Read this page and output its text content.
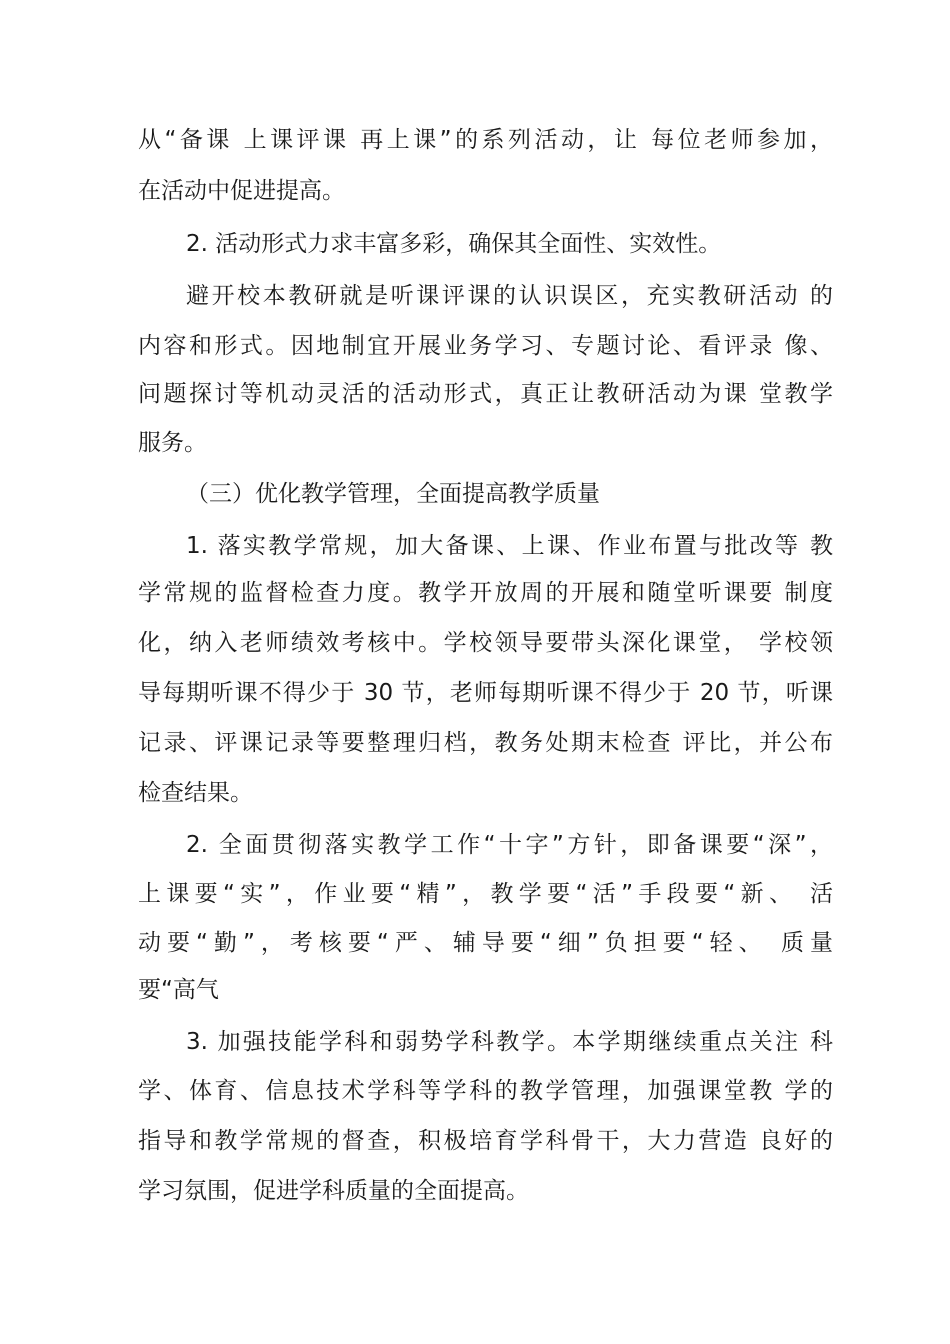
从“备课 上课评课 再上课”的系列活动，让 每位老师参加，
在活动中促进提高。
2. 活动形式力求丰富多彩，确保其全面性、实效性。
避开校本教研就是听课评课的认识误区，充实教研活动 的
内容和形式。因地制宜开展业务学习、专题讨论、看评录 像、
问题探讨等机动灵活的活动形式，真正让教研活动为课 堂教学
服务。
（三）优化教学管理，全面提高教学质量
1. 落实教学常规，加大备课、上课、作业布置与批改等 教
学常规的监督检查力度。教学开放周的开展和随堂听课要 制度
化，纳入老师绩效考核中。学校领导要带头深化课堂， 学校领
导每期听课不得少于 30 节，老师每期听课不得少于 20 节，听课
记录、评课记录等要整理归档，教务处期末检查 评比，并公布
检查结果。
2. 全面贯彻落实教学工作“十字”方针，即备课要“深”，
上课要“实”，作业要“精”，教学要“活”手段要“新、 活
动要“勤”，考核要“严、辅导要“细”负担要“轻、 质量
要“高气
3. 加强技能学科和弱势学科教学。本学期继续重点关注 科
学、体育、信息技术学科等学科的教学管理，加强课堂教 学的
指导和教学常规的督查，积极培育学科骨干，大力营造 良好的
学习氛围，促进学科质量的全面提高。
